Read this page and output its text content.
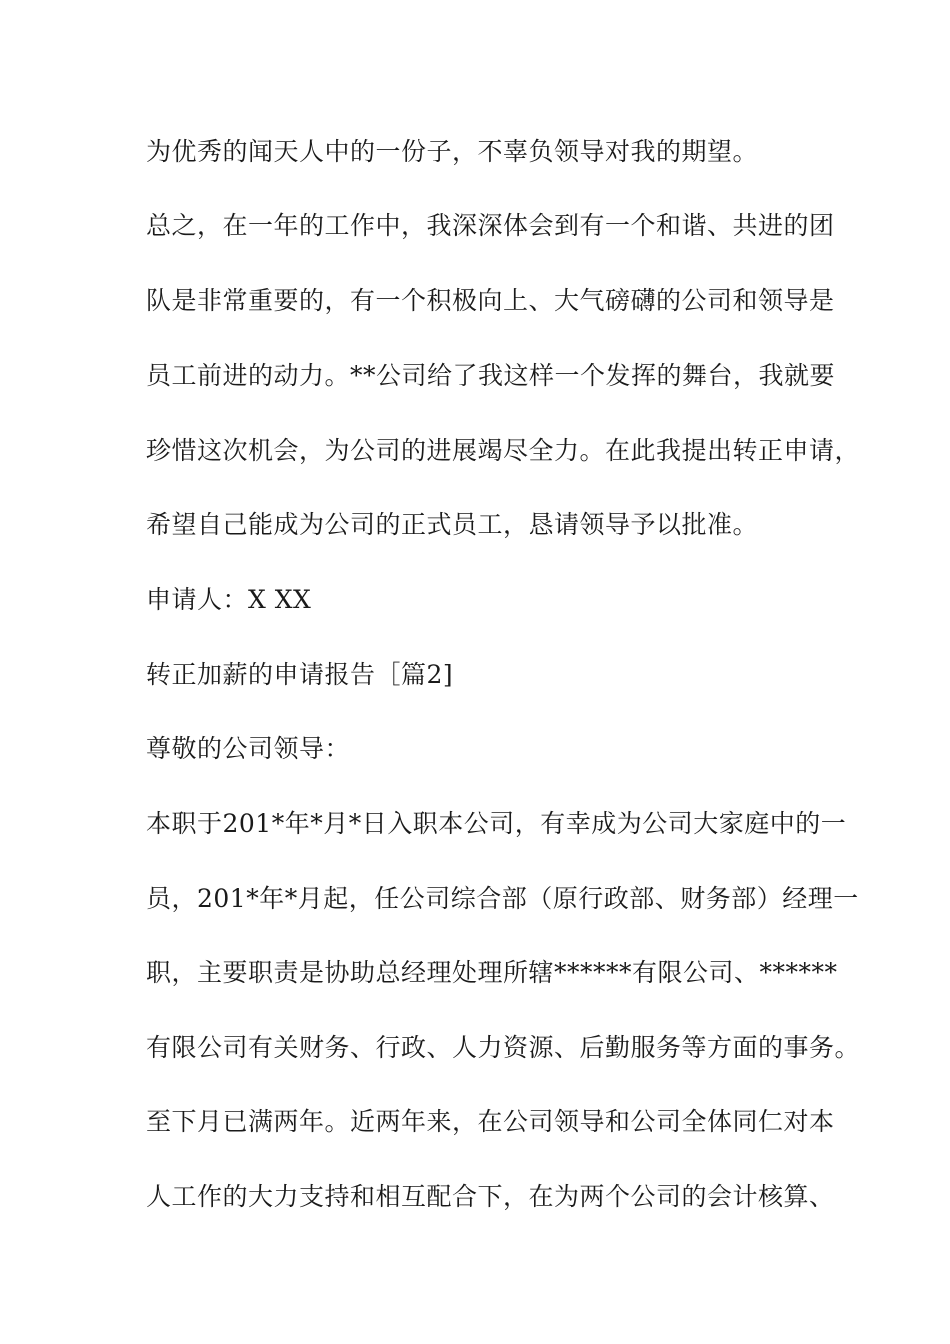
为优秀的闻天人中的一份子，不辜负领导对我的期望。
总之，在一年的工作中，我深深体会到有一个和谐、共进的团
队是非常重要的，有一个积极向上、大气磅礴的公司和领导是
员工前进的动力。**公司给了我这样一个发挥的舞台，我就要
珍惜这次机会，为公司的进展竭尽全力。在此我提出转正申请，
希望自己能成为公司的正式员工，恳请领导予以批准。
申请人：X XX
转正加薪的申请报告［篇2]
尊敬的公司领导：
本职于201*年*月*日入职本公司，有幸成为公司大家庭中的一
员，201*年*月起，任公司综合部（原行政部、财务部）经理一
职，主要职责是协助总经理处理所辖******有限公司、******
有限公司有关财务、行政、人力资源、后勤服务等方面的事务。
至下月已满两年。近两年来，在公司领导和公司全体同仁对本
人工作的大力支持和相互配合下，在为两个公司的会计核算、
